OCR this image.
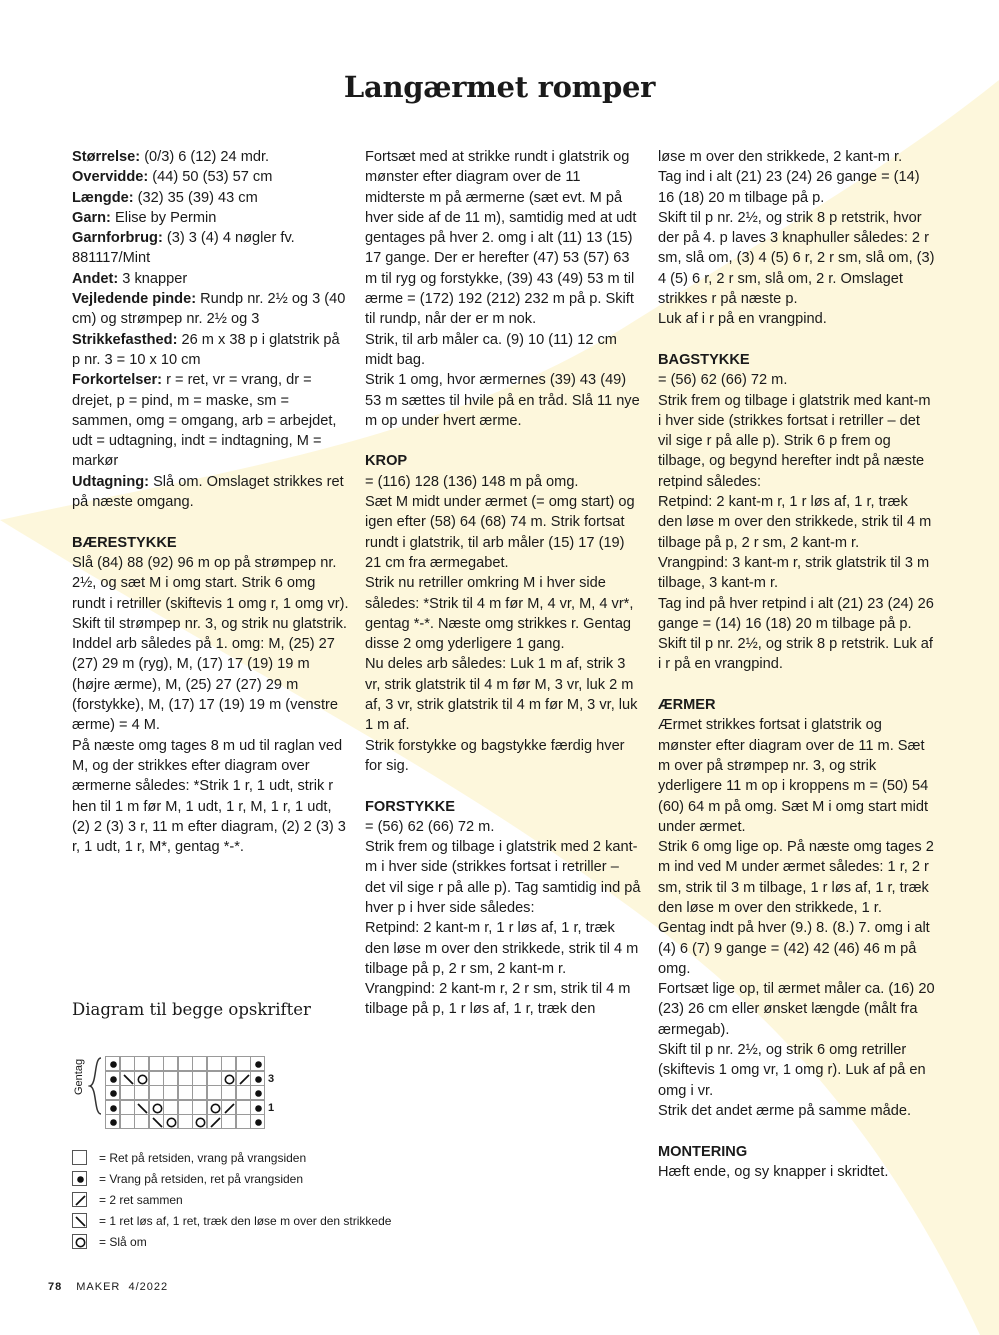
Langærmet romper

Størrelse: (0/3) 6 (12) 24 mdr.

Overvidde: (44) 50 (53) 57 cm

Længde: (32) 35 (39) 43 cm

Garn: Elise by Permin

Garnforbrug: (3) 3 (4) 4 nøgler fv. 881117/Mint

Andet: 3 knapper

Vejledende pinde: Rundp nr. 2½ og 3 (40 cm) og strømpep nr. 2½ og 3

Strikkefasthed: 26 m x 38 p i glatstrik på p nr. 3 = 10 x 10 cm

Forkortelser: r = ret, vr = vrang, dr = drejet, p = pind, m = maske, sm = sammen, omg = omgang, arb = arbejdet, udt = udtagning, indt = indtagning, M = markør

Udtagning: Slå om. Omslaget strikkes ret på næste omgang.

BÆRESTYKKE

Slå (84) 88 (92) 96 m op på strømpep nr. 2½, og sæt M i omg start. Strik 6 omg rundt i retriller (skiftevis 1 omg r, 1 omg vr).

Skift til strømpep nr. 3, og strik nu glatstrik. Inddel arb således på 1. omg: M, (25) 27 (27) 29 m (ryg), M, (17) 17 (19) 19 m (højre ærme), M, (25) 27 (27) 29 m (forstykke), M, (17) 17 (19) 19 m (venstre ærme) = 4 M.

På næste omg tages 8 m ud til raglan ved M, og der strikkes efter diagram over ærmerne således: *Strik 1 r, 1 udt, strik r hen til 1 m før M, 1 udt, 1 r, M, 1 r, 1 udt, (2) 2 (3) 3 r, 11 m efter diagram, (2) 2 (3) 3 r, 1 udt, 1 r, M*, gentag *-*.

Fortsæt med at strikke rundt i glatstrik og mønster efter diagram over de 11 midterste m på ærmerne (sæt evt. M på hver side af de 11 m), samtidig med at udt gentages på hver 2. omg i alt (11) 13 (15) 17 gange. Der er herefter (47) 53 (57) 63 m til ryg og forstykke, (39) 43 (49) 53 m til ærme = (172) 192 (212) 232 m på p. Skift til rundp, når der er m nok.

Strik, til arb måler ca. (9) 10 (11) 12 cm midt bag.

Strik 1 omg, hvor ærmernes (39) 43 (49) 53 m sættes til hvile på en tråd. Slå 11 nye m op under hvert ærme.

KROP

= (116) 128 (136) 148 m på omg.

Sæt M midt under ærmet (= omg start) og igen efter (58) 64 (68) 74 m. Strik fortsat rundt i glatstrik, til arb måler (15) 17 (19) 21 cm fra ærmegabet.

Strik nu retriller omkring M i hver side således: *Strik til 4 m før M, 4 vr, M, 4 vr*, gentag *-*. Næste omg strikkes r. Gentag disse 2 omg yderligere 1 gang.

Nu deles arb således: Luk 1 m af, strik 3 vr, strik glatstrik til 4 m før M, 3 vr, luk 2 m af, 3 vr, strik glatstrik til 4 m før M, 3 vr, luk 1 m af.

Strik forstykke og bagstykke færdig hver for sig.

FORSTYKKE

= (56) 62 (66) 72 m.

Strik frem og tilbage i glatstrik med 2 kant-m i hver side (strikkes fortsat i retriller – det vil sige r på alle p). Tag samtidig ind på hver p i hver side således:

Retpind: 2 kant-m r, 1 r løs af, 1 r, træk den løse m over den strikkede, strik til 4 m tilbage på p, 2 r sm, 2 kant-m r.

Vrangpind: 2 kant-m r, 2 r sm, strik til 4 m tilbage på p, 1 r løs af, 1 r, træk den

løse m over den strikkede, 2 kant-m r.

Tag ind i alt (21) 23 (24) 26 gange = (14) 16 (18) 20 m tilbage på p.

Skift til p nr. 2½, og strik 8 p retstrik, hvor der på 4. p laves 3 knaphuller således: 2 r sm, slå om, (3) 4 (5) 6 r, 2 r sm, slå om, (3) 4 (5) 6 r, 2 r sm, slå om, 2 r. Omslaget strikkes r på næste p.

Luk af i r på en vrangpind.

BAGSTYKKE

= (56) 62 (66) 72 m.

Strik frem og tilbage i glatstrik med kant-m i hver side (strikkes fortsat i retriller – det vil sige r på alle p). Strik 6 p frem og tilbage, og begynd herefter indt på næste retpind således:

Retpind: 2 kant-m r, 1 r løs af, 1 r, træk den løse m over den strikkede, strik til 4 m tilbage på p, 2 r sm, 2 kant-m r.

Vrangpind: 3 kant-m r, strik glatstrik til 3 m tilbage, 3 kant-m r.

Tag ind på hver retpind i alt (21) 23 (24) 26 gange = (14) 16 (18) 20 m tilbage på p.

Skift til p nr. 2½, og strik 8 p retstrik. Luk af i r på en vrangpind.

ÆRMER

Ærmet strikkes fortsat i glatstrik og mønster efter diagram over de 11 m. Sæt m over på strømpep nr. 3, og strik yderligere 11 m op i kroppens m = (50) 54 (60) 64 m på omg. Sæt M i omg start midt under ærmet.

Strik 6 omg lige op. På næste omg tages 2 m ind ved M under ærmet således: 1 r, 2 r sm, strik til 3 m tilbage, 1 r løs af, 1 r, træk den løse m over den strikkede, 1 r.

Gentag indt på hver (9.) 8. (8.) 7. omg i alt (4) 6 (7) 9 gange = (42) 42 (46) 46 m på omg.

Fortsæt lige op, til ærmet måler ca. (16) 20 (23) 26 cm eller ønsket længde (målt fra ærmegab).

Skift til p nr. 2½, og strik 6 omg retriller (skiftevis 1 omg vr, 1 omg r). Luk af på en omg i vr.

Strik det andet ærme på samme måde.

MONTERING

Hæft ende, og sy knapper i skridtet.

Diagram til begge opskrifter
Gentag	3
1
= Ret på retsiden, vrang på vrangsiden
= Vrang på retsiden, ret på vrangsiden
= 2 ret sammen
= 1 ret løs af, 1 ret, træk den løse m over den strikkede
= Slå om
78 MAKER 4/2022
